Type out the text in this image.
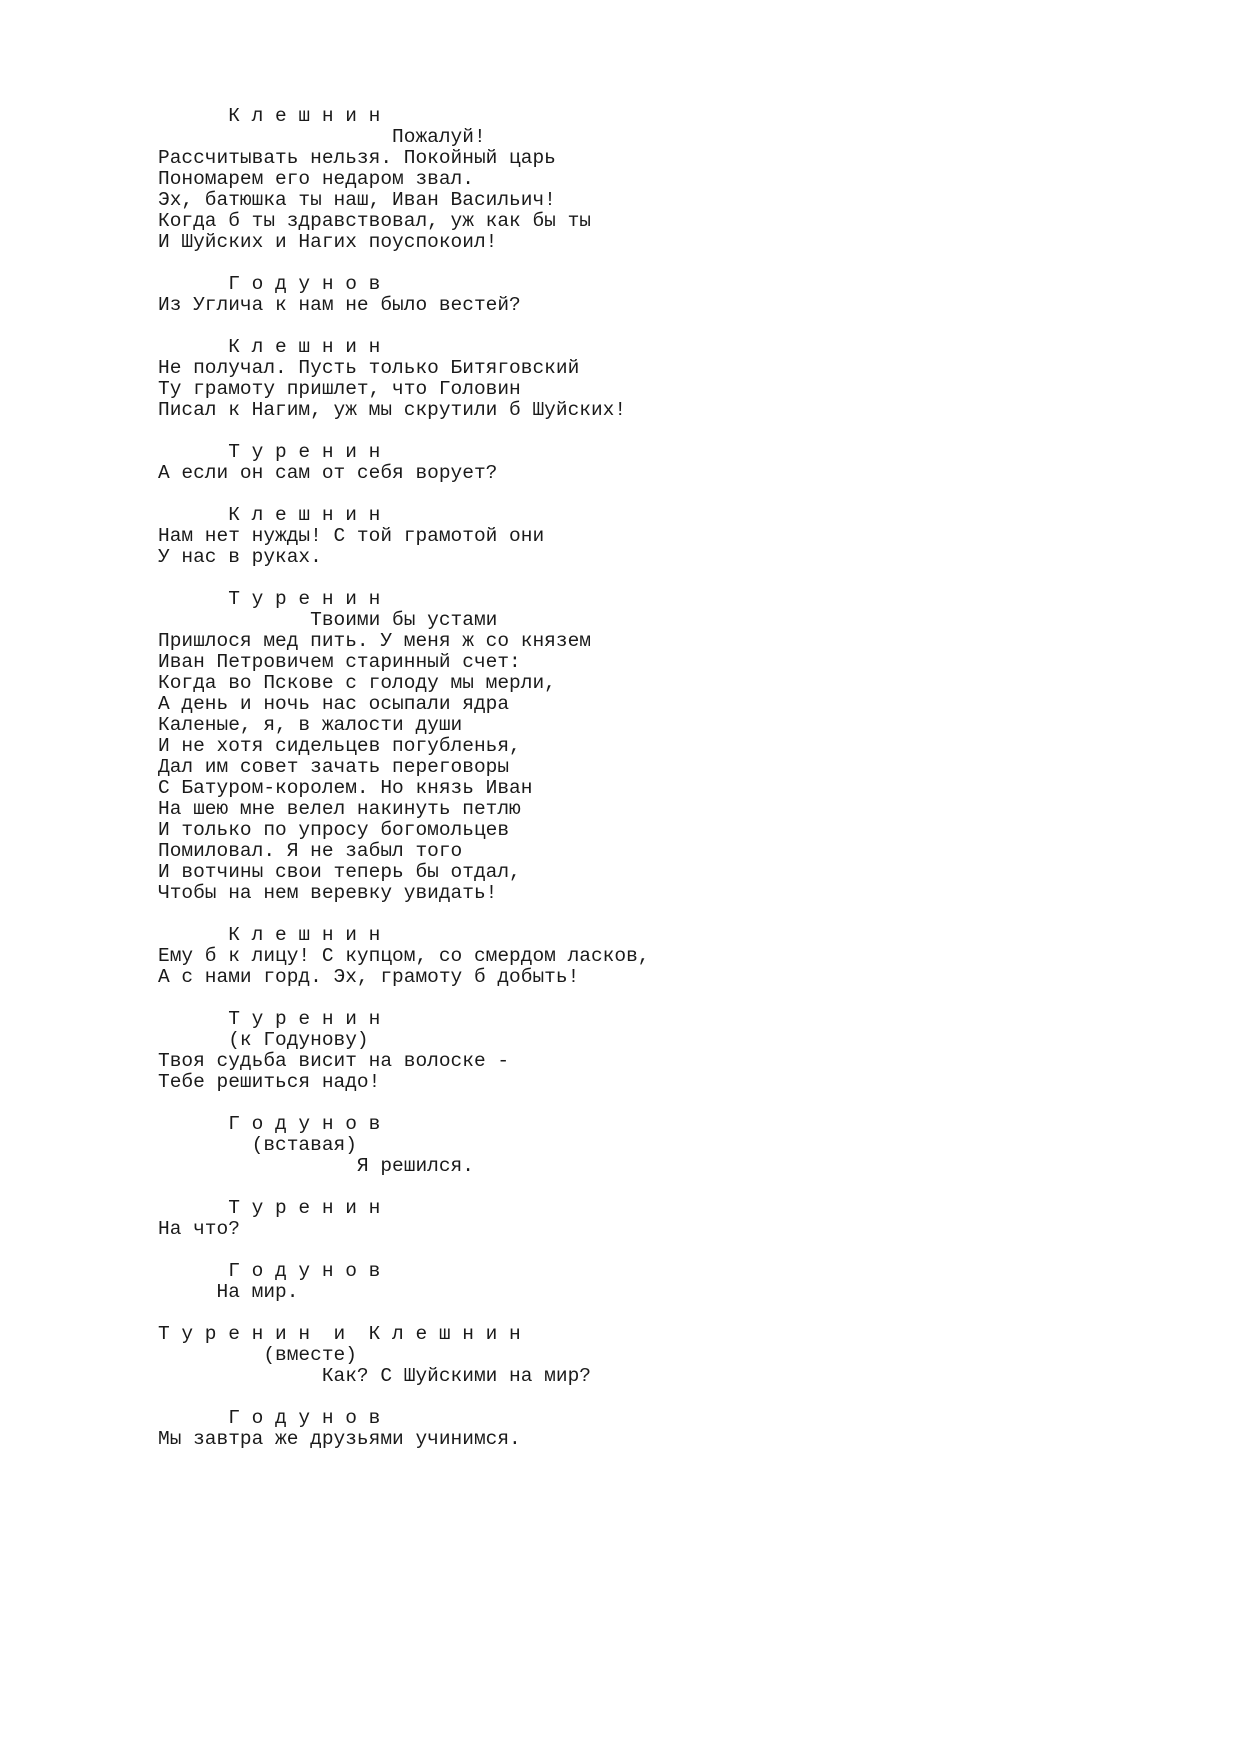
К л е ш н и н
Пожалуй!
Рассчитывать нельзя. Покойный царь
Пономарем его недаром звал.
Эх, батюшка ты наш, Иван Васильич!
Когда б ты здравствовал, уж как бы ты
И Шуйских и Нагих поуспокоил!
Г о д у н о в
Из Углича к нам не было вестей?
К л е ш н и н
Не получал. Пусть только Битяговский
Ту грамоту пришлет, что Головин
Писал к Нагим, уж мы скрутили б Шуйских!
Т у р е н и н
А если он сам от себя ворует?
К л е ш н и н
Нам нет нужды! С той грамотой они
У нас в руках.
Т у р е н и н
Твоими бы устами
Пришлося мед пить. У меня ж со князем
Иван Петровичем старинный счет:
Когда во Пскове с голоду мы мерли,
А день и ночь нас осыпали ядра
Каленые, я, в жалости души
И не хотя сидельцев погубленья,
Дал им совет зачать переговоры
С Батуром-королем. Но князь Иван
На шею мне велел накинуть петлю
И только по упросу богомольцев
Помиловал. Я не забыл того
И вотчины свои теперь бы отдал,
Чтобы на нем веревку увидать!
К л е ш н и н
Ему б к лицу! С купцом, со смердом ласков,
А с нами горд. Эх, грамоту б добыть!
Т у р е н и н
(к Годунову)
Твоя судьба висит на волоске -
Тебе решиться надо!
Г о д у н о в
(вставая)
Я решился.
Т у р е н и н
На что?
Г о д у н о в
На мир.
Т у р е н и н  и  К л е ш н и н
(вместе)
Как? С Шуйскими на мир?
Г о д у н о в
Мы завтра же друзьями учинимся.
